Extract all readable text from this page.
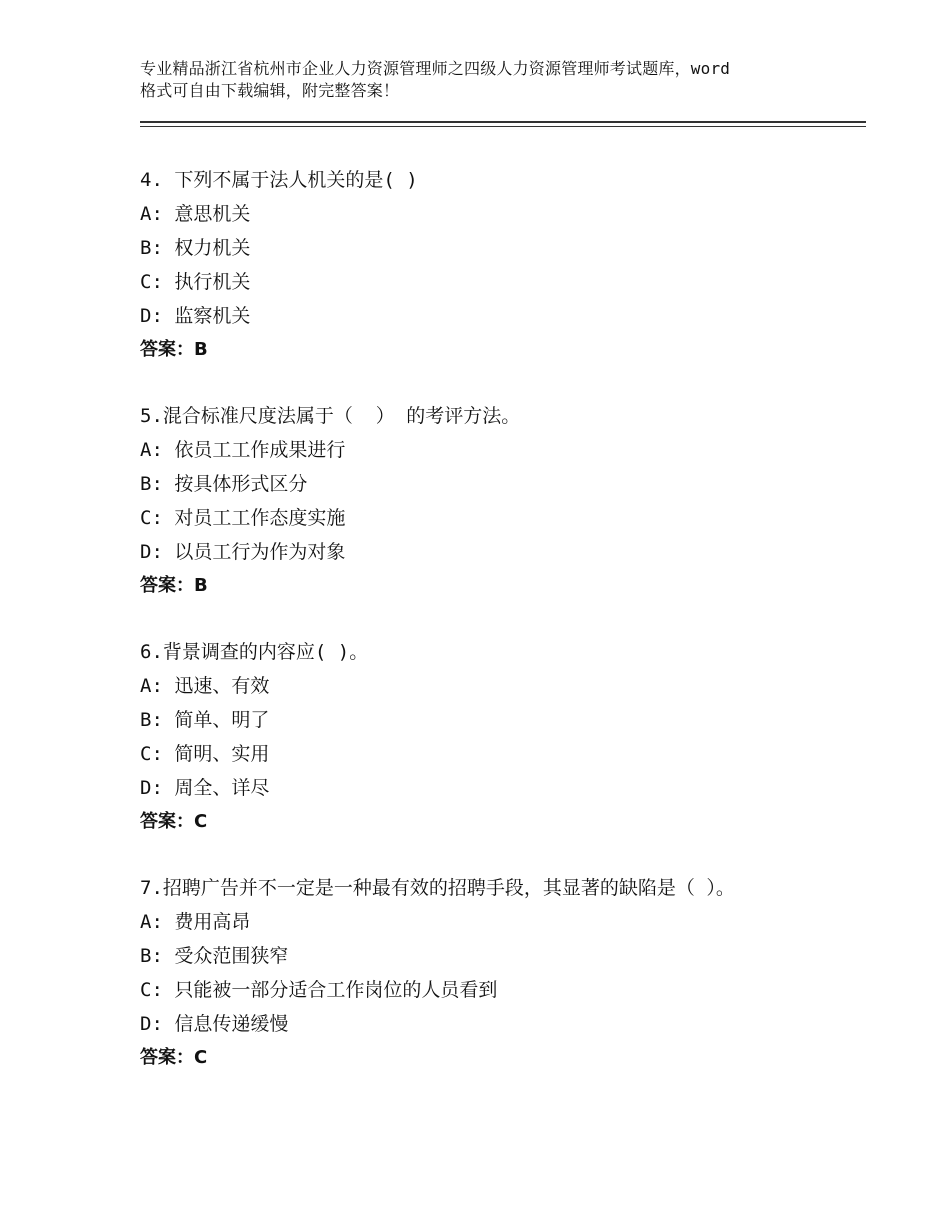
专业精品浙江省杭州市企业人力资源管理师之四级人力资源管理师考试题库，word
格式可自由下载编辑，附完整答案！
4. 下列不属于法人机关的是( )
A: 意思机关
B: 权力机关
C: 执行机关
D: 监察机关
答案：B
5.混合标准尺度法属于（  ） 的考评方法。
A: 依员工工作成果进行
B: 按具体形式区分
C: 对员工工作态度实施
D: 以员工行为作为对象
答案：B
6.背景调查的内容应( )。
A: 迅速、有效
B: 简单、明了
C: 简明、实用
D: 周全、详尽
答案：C
7.招聘广告并不一定是一种最有效的招聘手段，其显著的缺陷是（ ）。
A: 费用高昂
B: 受众范围狭窄
C: 只能被一部分适合工作岗位的人员看到
D: 信息传递缓慢
答案：C
